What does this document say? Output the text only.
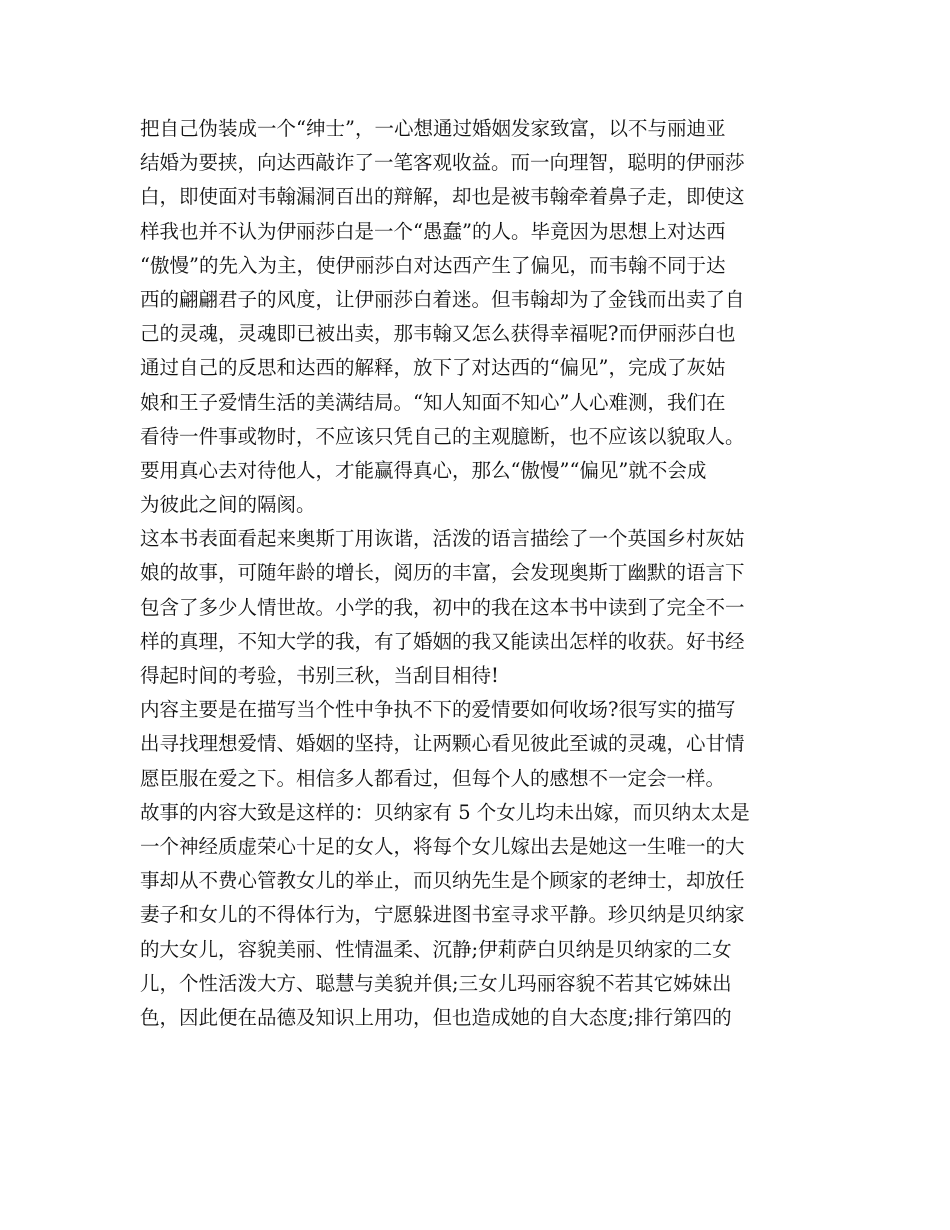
把自己伪装成一个“绅士”，一心想通过婚姻发家致富，以不与丽迪亚
结婚为要挟，向达西敲诈了一笔客观收益。而一向理智，聪明的伊丽莎
白，即使面对韦翰漏洞百出的辩解，却也是被韦翰牵着鼻子走，即使这
样我也并不认为伊丽莎白是一个“愚蠢”的人。毕竟因为思想上对达西
“傲慢”的先入为主，使伊丽莎白对达西产生了偏见，而韦翰不同于达
西的翩翩君子的风度，让伊丽莎白着迷。但韦翰却为了金钱而出卖了自
己的灵魂，灵魂即已被出卖，那韦翰又怎么获得幸福呢?而伊丽莎白也
通过自己的反思和达西的解释，放下了对达西的“偏见”，完成了灰姑
娘和王子爱情生活的美满结局。“知人知面不知心”人心难测，我们在
看待一件事或物时，不应该只凭自己的主观臆断，也不应该以貌取人。
要用真心去对待他人，才能赢得真心，那么“傲慢”“偏见”就不会成
为彼此之间的隔阂。
这本书表面看起来奥斯丁用诙谐，活泼的语言描绘了一个英国乡村灰姑
娘的故事，可随年龄的增长，阅历的丰富，会发现奥斯丁幽默的语言下
包含了多少人情世故。小学的我，初中的我在这本书中读到了完全不一
样的真理，不知大学的我，有了婚姻的我又能读出怎样的收获。好书经
得起时间的考验，书别三秋，当刮目相待!
内容主要是在描写当个性中争执不下的爱情要如何收场?很写实的描写
出寻找理想爱情、婚姻的坚持，让两颗心看见彼此至诚的灵魂，心甘情
愿臣服在爱之下。相信多人都看过，但每个人的感想不一定会一样。
故事的内容大致是这样的：贝纳家有 5 个女儿均未出嫁，而贝纳太太是
一个神经质虚荣心十足的女人，将每个女儿嫁出去是她这一生唯一的大
事却从不费心管教女儿的举止，而贝纳先生是个顾家的老绅士，却放任
妻子和女儿的不得体行为，宁愿躲进图书室寻求平静。珍贝纳是贝纳家
的大女儿，容貌美丽、性情温柔、沉静;伊莉萨白贝纳是贝纳家的二女
儿，个性活泼大方、聪慧与美貌并俱;三女儿玛丽容貌不若其它姊妹出
色，因此便在品德及知识上用功，但也造成她的自大态度;排行第四的
